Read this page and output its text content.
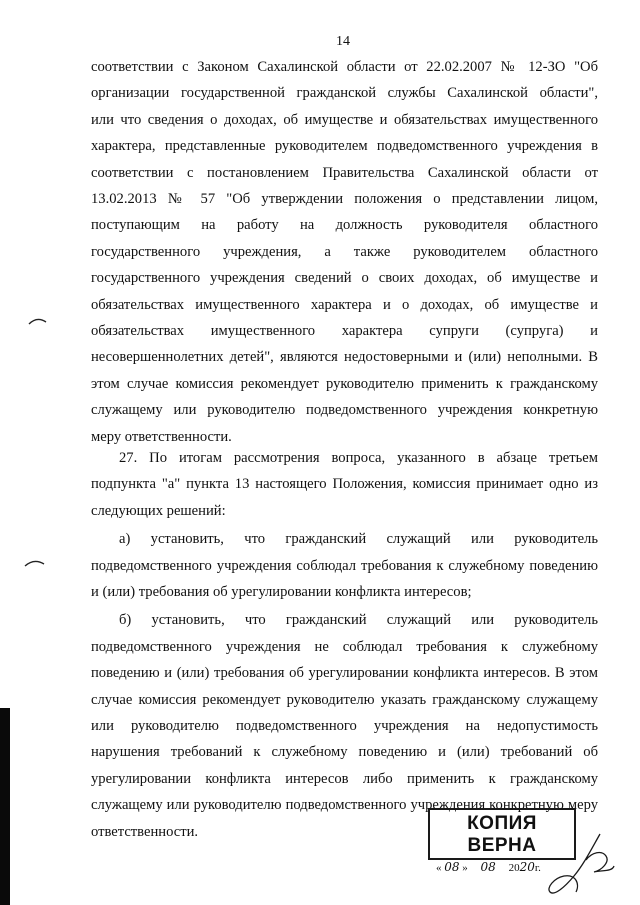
14

соответствии с Законом Сахалинской области от 22.02.2007 № 12-ЗО "Об

организации государственной гражданской службы Сахалинской области",

или что сведения о доходах, об имуществе и обязательствах имущественного

характера, представленные руководителем подведомственного учреждения в

соответствии с постановлением Правительства Сахалинской области от

13.02.2013 № 57 "Об утверждении положения о представлении лицом,

поступающим на работу на должность руководителя областного

государственного учреждения, а также руководителем областного

государственного учреждения сведений о своих доходах, об имуществе и

обязательствах имущественного характера и о доходах, об имуществе и

обязательствах имущественного характера супруги (супруга) и

несовершеннолетних детей", являются недостоверными и (или) неполными. В

этом случае комиссия рекомендует руководителю применить к гражданскому

служащему или руководителю подведомственного учреждения конкретную

меру ответственности.

27. По итогам рассмотрения вопроса, указанного в абзаце третьем подпункта "а" пункта 13 настоящего Положения, комиссия принимает одно из следующих решений:

а) установить, что гражданский служащий или руководитель подведомственного учреждения соблюдал требования к служебному поведению и (или) требования об урегулировании конфликта интересов;

б) установить, что гражданский служащий или руководитель подведомственного учреждения не соблюдал требования к служебному поведению и (или) требования об урегулировании конфликта интересов. В этом случае комиссия рекомендует руководителю указать гражданскому служащему или руководителю подведомственного учреждения на недопустимость нарушения требований к служебному поведению и (или) требований об урегулировании конфликта интересов либо применить к гражданскому служащему или руководителю подведомственного учреждения конкретную меру ответственности.	КОПИЯ ВЕРНА
« 08 » 08 2020г.
